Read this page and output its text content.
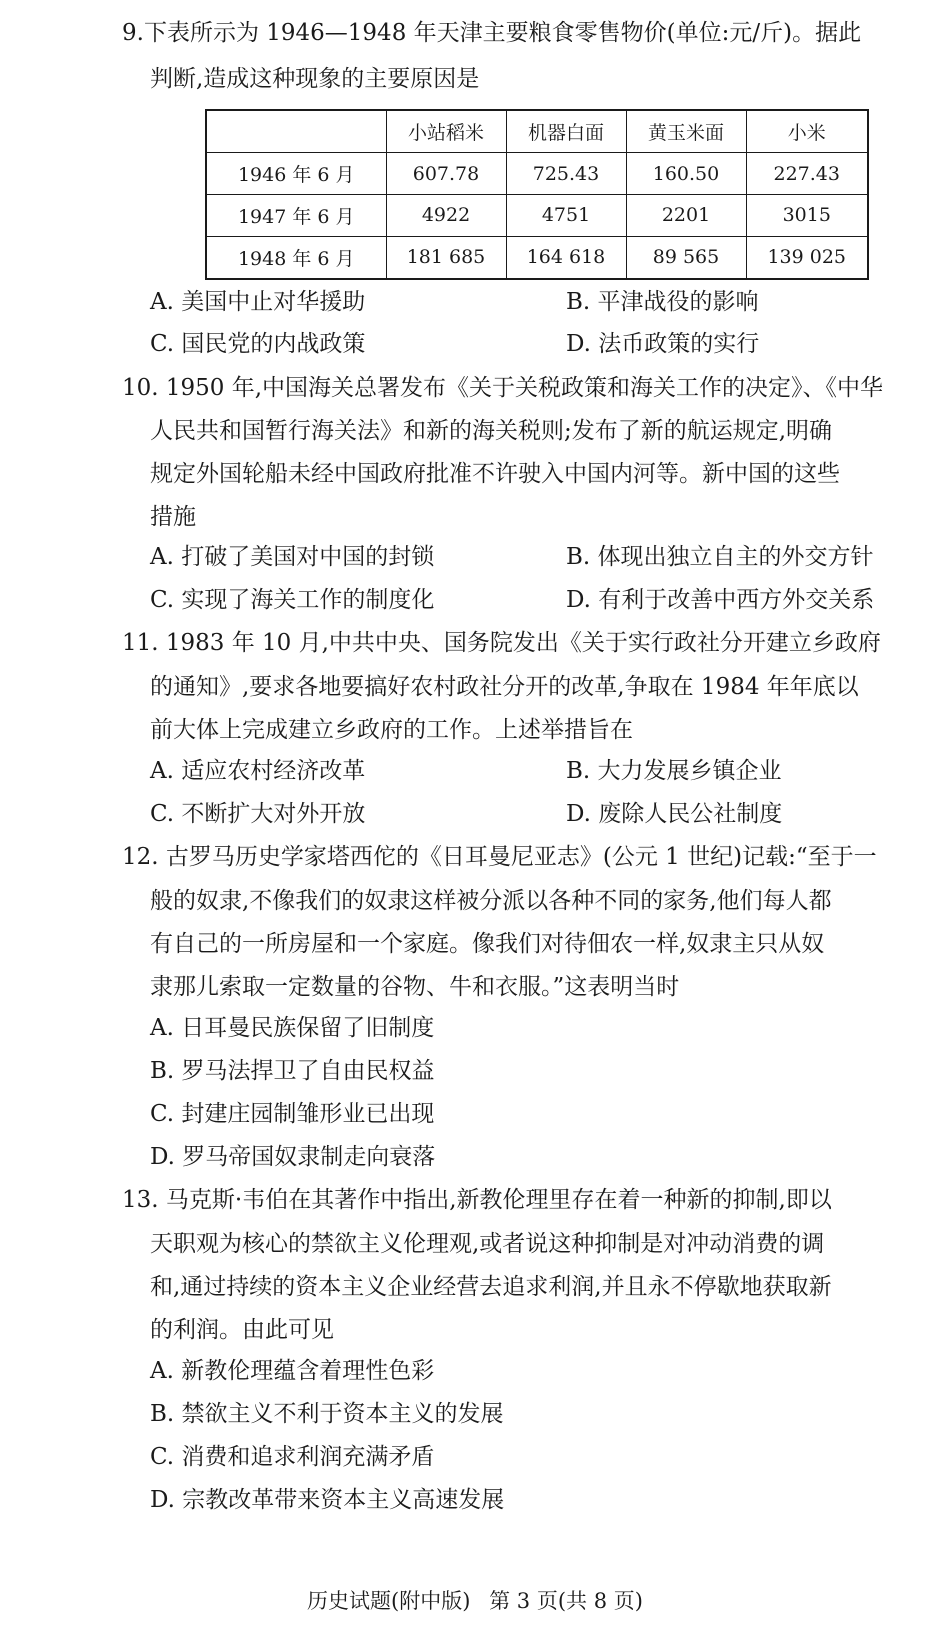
9.下表所示为 1946—1948 年天津主要粮食零售物价(单位:元/斤)。据此
判断,造成这种现象的主要原因是
	小站稻米	机器白面	黄玉米面	小米
1946 年 6 月	607.78	725.43	160.50	227.43
1947 年 6 月	4922	4751	2201	3015
1948 年 6 月	181 685	164 618	89 565	139 025
A. 美国中止对华援助	B. 平津战役的影响
C. 国民党的内战政策	D. 法币政策的实行
10. 1950 年,中国海关总署发布《关于关税政策和海关工作的决定》、《中华
人民共和国暂行海关法》和新的海关税则;发布了新的航运规定,明确
规定外国轮船未经中国政府批准不许驶入中国内河等。新中国的这些
措施
A. 打破了美国对中国的封锁	B. 体现出独立自主的外交方针
C. 实现了海关工作的制度化	D. 有利于改善中西方外交关系
11. 1983 年 10 月,中共中央、国务院发出《关于实行政社分开建立乡政府
的通知》,要求各地要搞好农村政社分开的改革,争取在 1984 年年底以
前大体上完成建立乡政府的工作。上述举措旨在
A. 适应农村经济改革	B. 大力发展乡镇企业
C. 不断扩大对外开放	D. 废除人民公社制度
12. 古罗马历史学家塔西佗的《日耳曼尼亚志》(公元 1 世纪)记载:“至于一
般的奴隶,不像我们的奴隶这样被分派以各种不同的家务,他们每人都
有自己的一所房屋和一个家庭。像我们对待佃农一样,奴隶主只从奴
隶那儿索取一定数量的谷物、牛和衣服。”这表明当时
A. 日耳曼民族保留了旧制度
B. 罗马法捍卫了自由民权益
C. 封建庄园制雏形业已出现
D. 罗马帝国奴隶制走向衰落
13. 马克斯·韦伯在其著作中指出,新教伦理里存在着一种新的抑制,即以
天职观为核心的禁欲主义伦理观,或者说这种抑制是对冲动消费的调
和,通过持续的资本主义企业经营去追求利润,并且永不停歇地获取新
的利润。由此可见
A. 新教伦理蕴含着理性色彩
B. 禁欲主义不利于资本主义的发展
C. 消费和追求利润充满矛盾
D. 宗教改革带来资本主义高速发展
历史试题(附中版) 第 3 页(共 8 页)
